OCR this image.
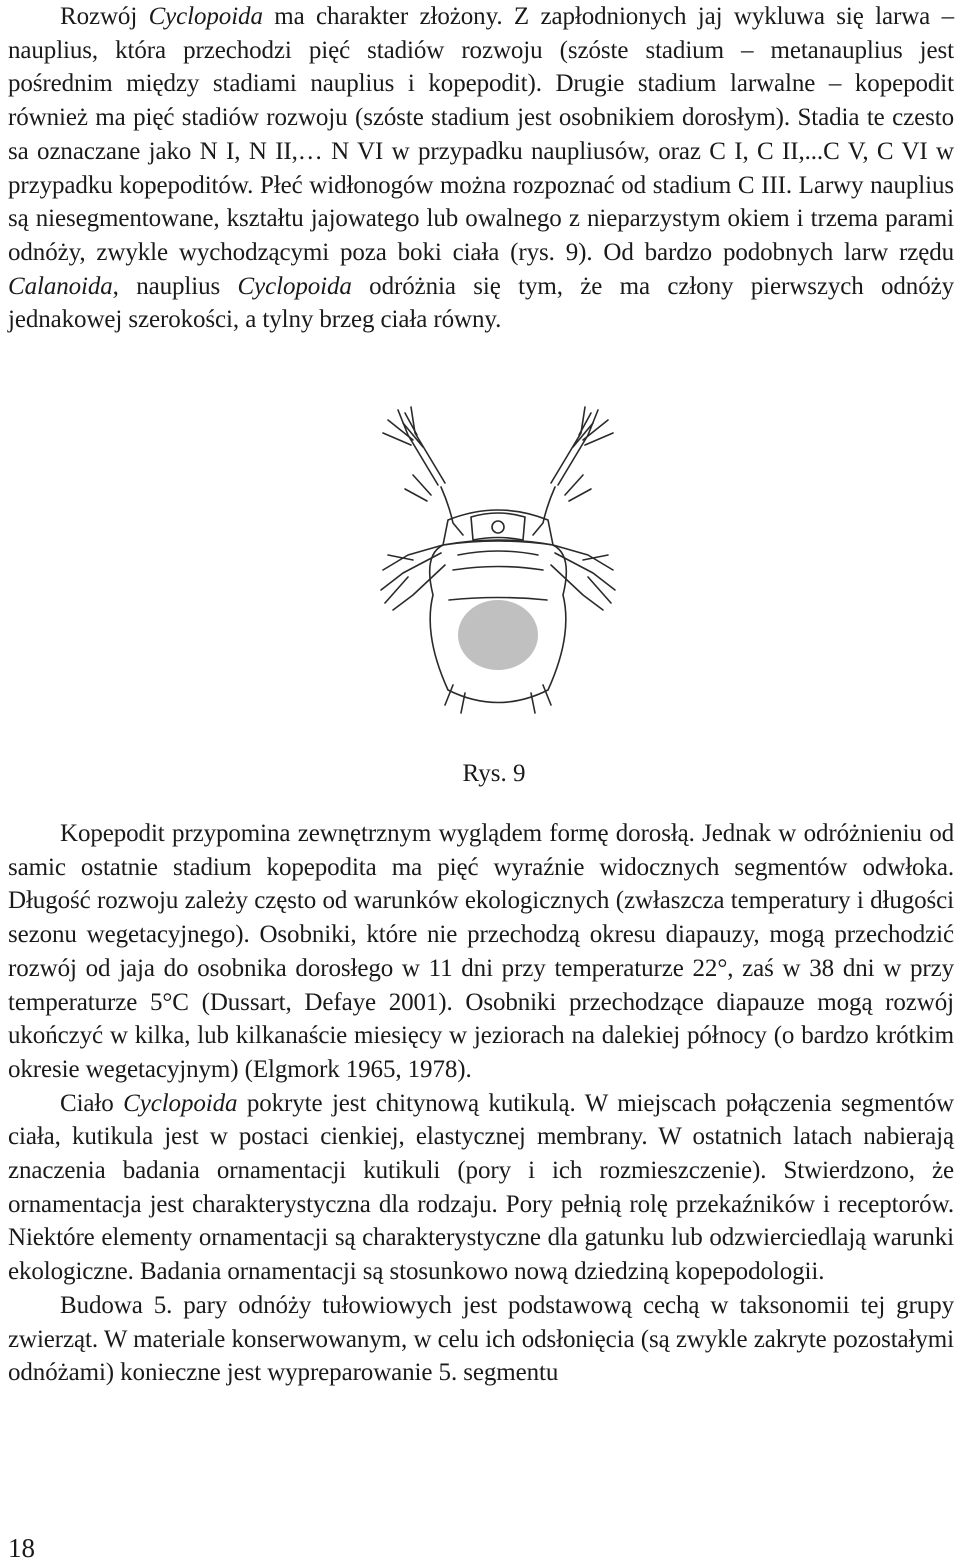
Rozwój Cyclopoida ma charakter złożony. Z zapłodnionych jaj wykluwa się larwa – nauplius, która przechodzi pięć stadiów rozwoju (szóste stadium – metanauplius jest pośrednim między stadiami nauplius i kopepodit). Drugie stadium larwalne – kopepodit również ma pięć stadiów rozwoju (szóste stadium jest osobnikiem dorosłym). Stadia te czesto sa oznaczane jako N I, N II,… N VI w przypadku naupliusów, oraz C I, C II,...C V, C VI w przypadku kopepoditów. Płeć widłonogów można rozpoznać od stadium C III. Larwy nauplius są niesegmentowane, kształtu jajowatego lub owalnego z nieparzystym okiem i trzema parami odnóży, zwykle wychodzącymi poza boki ciała (rys. 9). Od bardzo podobnych larw rzędu Calanoida, nauplius Cyclopoida odróżnia się tym, że ma człony pierwszych odnóży jednakowej szerokości, a tylny brzeg ciała równy.

Rys. 9

Kopepodit przypomina zewnętrznym wyglądem formę dorosłą. Jednak w odróżnieniu od samic ostatnie stadium kopepodita ma pięć wyraźnie widocznych segmentów odwłoka. Długość rozwoju zależy często od warunków ekologicznych (zwłaszcza temperatury i długości sezonu wegetacyjnego). Osobniki, które nie przechodzą okresu diapauzy, mogą przechodzić rozwój od jaja do osobnika dorosłego w 11 dni przy temperaturze 22°, zaś w 38 dni w przy temperaturze 5°C (Dussart, Defaye 2001). Osobniki przechodzące diapauze mogą rozwój ukończyć w kilka, lub kilkanaście miesięcy w jeziorach na dalekiej północy (o bardzo krótkim okresie wegetacyjnym) (Elgmork 1965, 1978).

Ciało Cyclopoida pokryte jest chitynową kutikulą. W miejscach połączenia segmentów ciała, kutikula jest w postaci cienkiej, elastycznej membrany. W ostatnich latach nabierają znaczenia badania ornamentacji kutikuli (pory i ich rozmieszczenie). Stwierdzono, że ornamentacja jest charakterystyczna dla rodzaju. Pory pełnią rolę przekaźników i receptorów. Niektóre elementy ornamentacji są charakterystyczne dla gatunku lub odzwierciedlają warunki ekologiczne. Badania ornamentacji są stosunkowo nową dziedziną kopepodologii.

Budowa 5. pary odnóży tułowiowych jest podstawową cechą w taksonomii tej grupy zwierząt. W materiale konserwowanym, w celu ich odsłonięcia (są zwykle zakryte pozostałymi odnóżami) konieczne jest wypreparowanie 5. segmentu

18
